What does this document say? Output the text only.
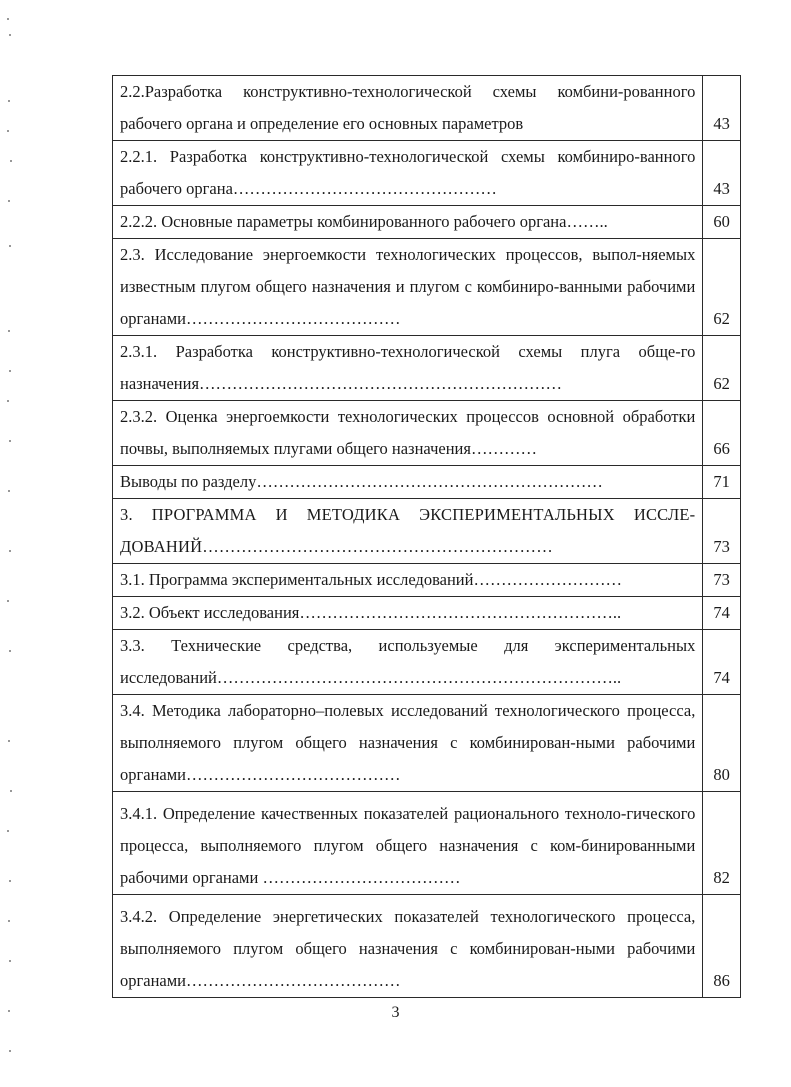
2.2.Разработка конструктивно-технологической схемы комбини-рованного рабочего органа и определение его основных параметров	43
2.2.1. Разработка конструктивно-технологической схемы комбиниро-ванного рабочего органа…………………………………………	43
2.2.2. Основные параметры комбинированного рабочего органа……..	60
2.3. Исследование энергоемкости технологических процессов, выпол-няемых известным плугом общего назначения и плугом с комбиниро-ванными рабочими органами…………………………………	62
2.3.1. Разработка конструктивно-технологической схемы плуга обще-го назначения…………………………………………………………	62
2.3.2. Оценка энергоемкости технологических процессов основной обработки почвы, выполняемых плугами общего назначения…………	66
Выводы по разделу………………………………………………………	71
3. ПРОГРАММА И МЕТОДИКА ЭКСПЕРИМЕНТАЛЬНЫХ ИССЛЕ-ДОВАНИЙ………………………………………………………	73
3.1. Программа экспериментальных исследований………………………	73
3.2. Объект исследования…………………………………………………..	74
3.3. Технические средства, используемые для экспериментальных исследований………………………………………………………………..	74
3.4. Методика лабораторно–полевых исследований технологического процесса, выполняемого плугом общего назначения с комбинирован-ными рабочими органами…………………………………	80
3.4.1. Определение качественных показателей рационального техноло-гического процесса, выполняемого плугом общего назначения с ком-бинированными рабочими органами ………………………………	82
3.4.2. Определение энергетических показателей технологического процесса, выполняемого плугом общего назначения с комбинирован-ными рабочими органами…………………………………	86
3
